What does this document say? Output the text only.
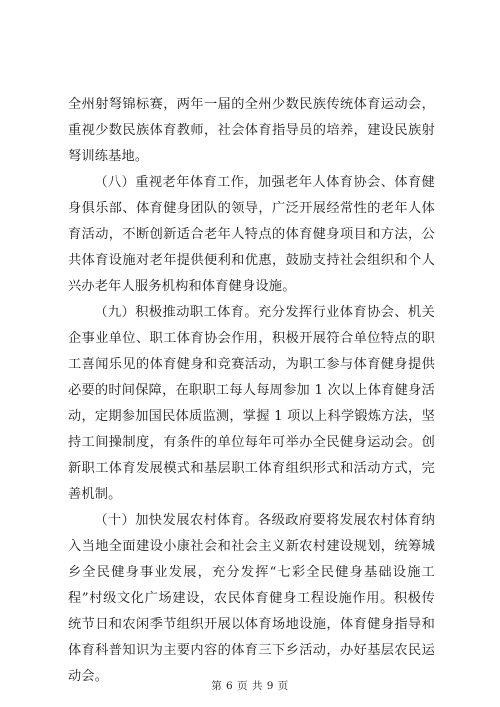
全州射弩锦标赛，两年一届的全州少数民族传统体育运动会，重视少数民族体育教师，社会体育指导员的培养，建设民族射弩训练基地。

（八）重视老年体育工作，加强老年人体育协会、体育健身俱乐部、体育健身团队的领导，广泛开展经常性的老年人体育活动，不断创新适合老年人特点的体育健身项目和方法，公共体育设施对老年提供便利和优惠，鼓励支持社会组织和个人兴办老年人服务机构和体育健身设施。

（九）积极推动职工体育。充分发挥行业体育协会、机关企事业单位、职工体育协会作用，积极开展符合单位特点的职工喜闻乐见的体育健身和竞赛活动，为职工参与体育健身提供必要的时间保障，在职职工每人每周参加 1 次以上体育健身活动，定期参加国民体质监测，掌握 1 项以上科学锻炼方法，坚持工间操制度，有条件的单位每年可举办全民健身运动会。创新职工体育发展模式和基层职工体育组织形式和活动方式，完善机制。

（十）加快发展农村体育。各级政府要将发展农村体育纳入当地全面建设小康社会和社会主义新农村建设规划，统筹城乡全民健身事业发展，充分发挥“七彩全民健身基础设施工程”村级文化广场建设，农民体育健身工程设施作用。积极传统节日和农闲季节组织开展以体育场地设施，体育健身指导和体育科普知识为主要内容的体育三下乡活动，办好基层农民运动会。

第 6 页 共 9 页
